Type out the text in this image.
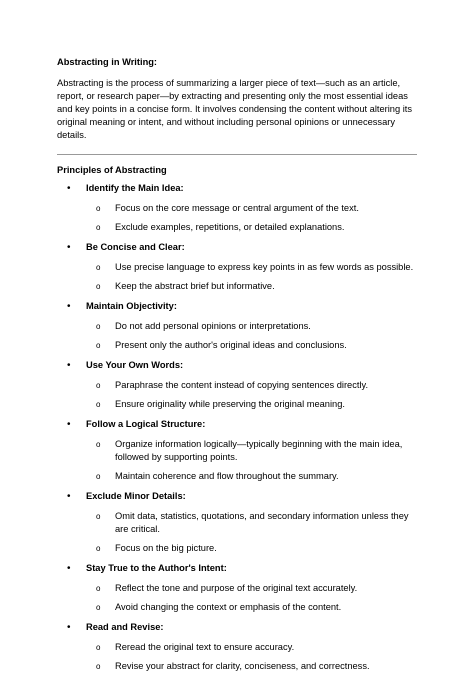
Abstracting in Writing:

Abstracting is the process of summarizing a larger piece of text—such as an article, report, or research paper—by extracting and presenting only the most essential ideas and key points in a concise form. It involves condensing the content without altering its original meaning or intent, and without including personal opinions or unnecessary details.

Principles of Abstracting

• Identify the Main Idea:
o Focus on the core message or central argument of the text.
o Exclude examples, repetitions, or detailed explanations.
• Be Concise and Clear:
o Use precise language to express key points in as few words as possible.
o Keep the abstract brief but informative.
• Maintain Objectivity:
o Do not add personal opinions or interpretations.
o Present only the author's original ideas and conclusions.
• Use Your Own Words:
o Paraphrase the content instead of copying sentences directly.
o Ensure originality while preserving the original meaning.
• Follow a Logical Structure:
o Organize information logically—typically beginning with the main idea, followed by supporting points.
o Maintain coherence and flow throughout the summary.
• Exclude Minor Details:
o Omit data, statistics, quotations, and secondary information unless they are critical.
o Focus on the big picture.
• Stay True to the Author's Intent:
o Reflect the tone and purpose of the original text accurately.
o Avoid changing the context or emphasis of the content.
• Read and Revise:
o Reread the original text to ensure accuracy.
o Revise your abstract for clarity, conciseness, and correctness.
